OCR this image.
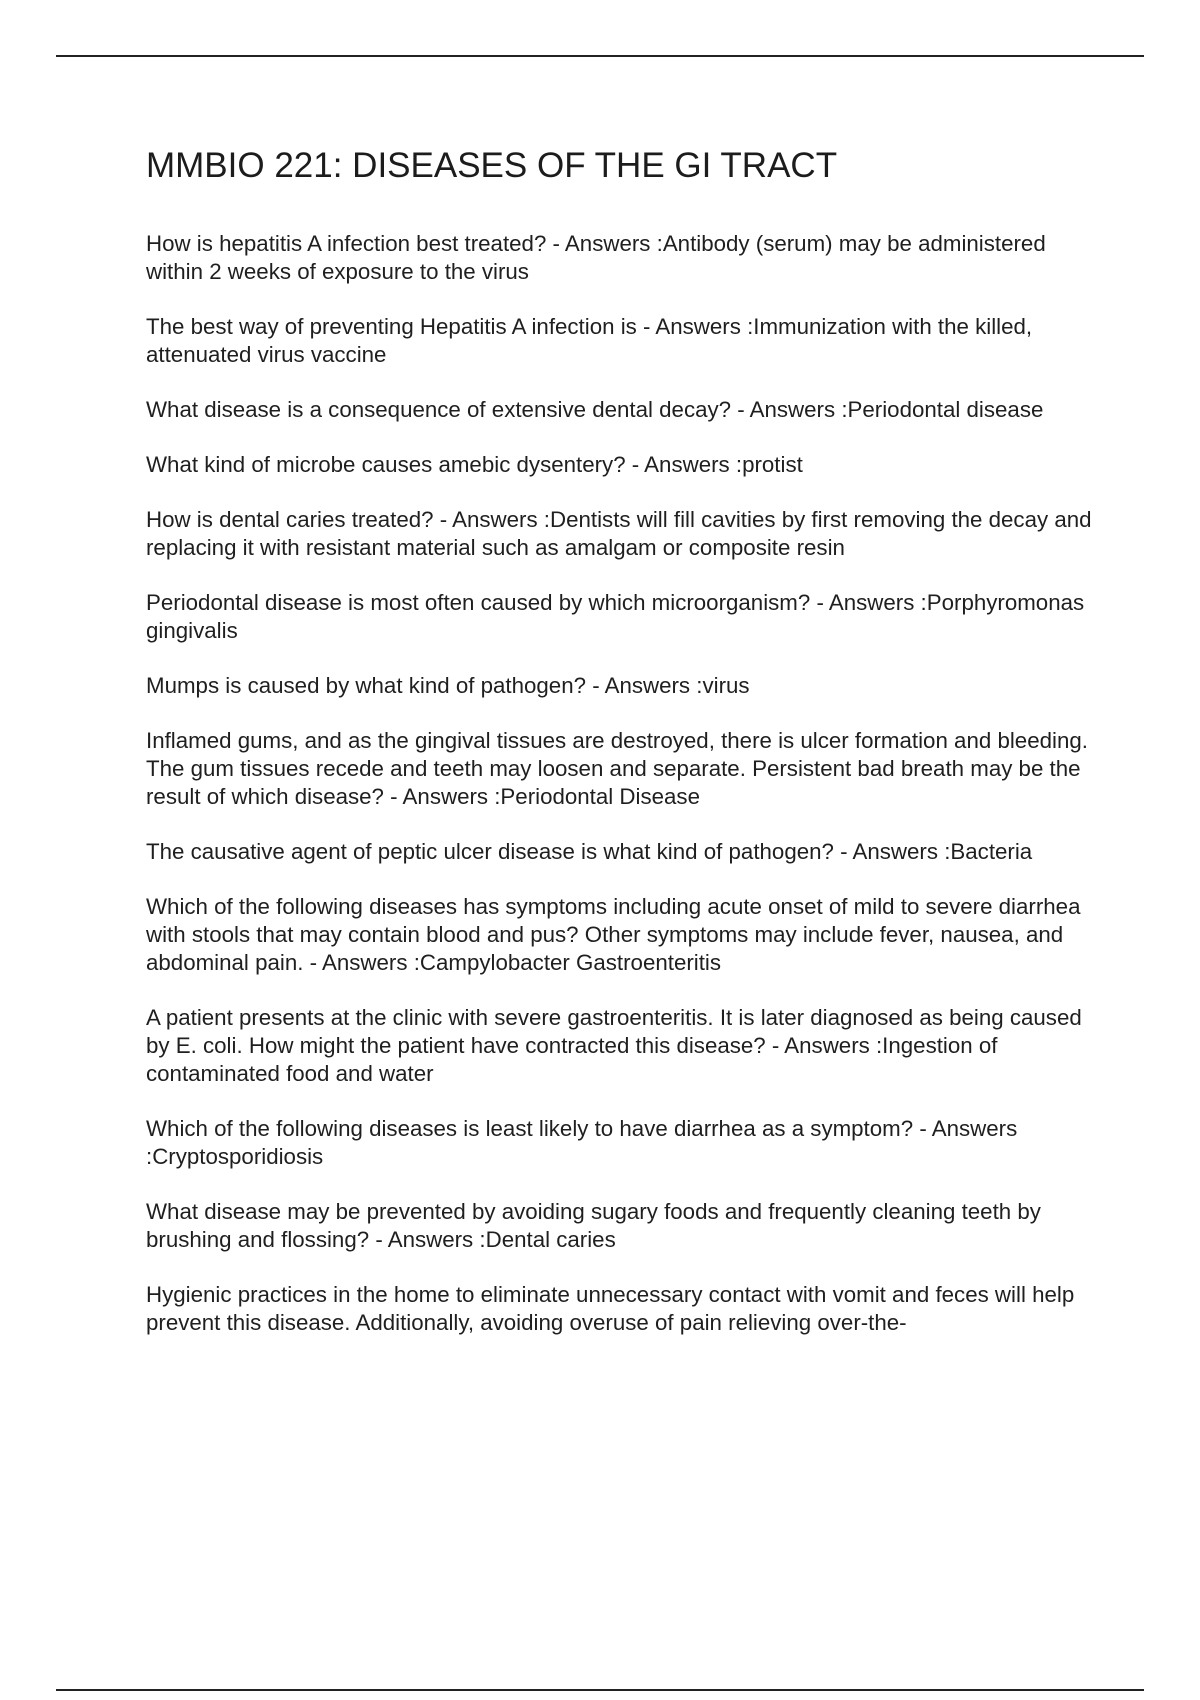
MMBIO 221: DISEASES OF THE GI TRACT

How is hepatitis A infection best treated? - Answers :Antibody (serum) may be administered within 2 weeks of exposure to the virus

The best way of preventing Hepatitis A infection is - Answers :Immunization with the killed, attenuated virus vaccine

What disease is a consequence of extensive dental decay? - Answers :Periodontal disease

What kind of microbe causes amebic dysentery? - Answers :protist

How is dental caries treated? - Answers :Dentists will fill cavities by first removing the decay and replacing it with resistant material such as amalgam or composite resin

Periodontal disease is most often caused by which microorganism? - Answers :Porphyromonas gingivalis

Mumps is caused by what kind of pathogen? - Answers :virus

Inflamed gums, and as the gingival tissues are destroyed, there is ulcer formation and bleeding. The gum tissues recede and teeth may loosen and separate. Persistent bad breath may be the result of which disease? - Answers :Periodontal Disease

The causative agent of peptic ulcer disease is what kind of pathogen? - Answers :Bacteria

Which of the following diseases has symptoms including acute onset of mild to severe diarrhea with stools that may contain blood and pus? Other symptoms may include fever, nausea, and abdominal pain. - Answers :Campylobacter Gastroenteritis

A patient presents at the clinic with severe gastroenteritis. It is later diagnosed as being caused by E. coli. How might the patient have contracted this disease? - Answers :Ingestion of contaminated food and water

Which of the following diseases is least likely to have diarrhea as a symptom? - Answers :Cryptosporidiosis

What disease may be prevented by avoiding sugary foods and frequently cleaning teeth by brushing and flossing? - Answers :Dental caries

Hygienic practices in the home to eliminate unnecessary contact with vomit and feces will help prevent this disease. Additionally, avoiding overuse of pain relieving over-the-
